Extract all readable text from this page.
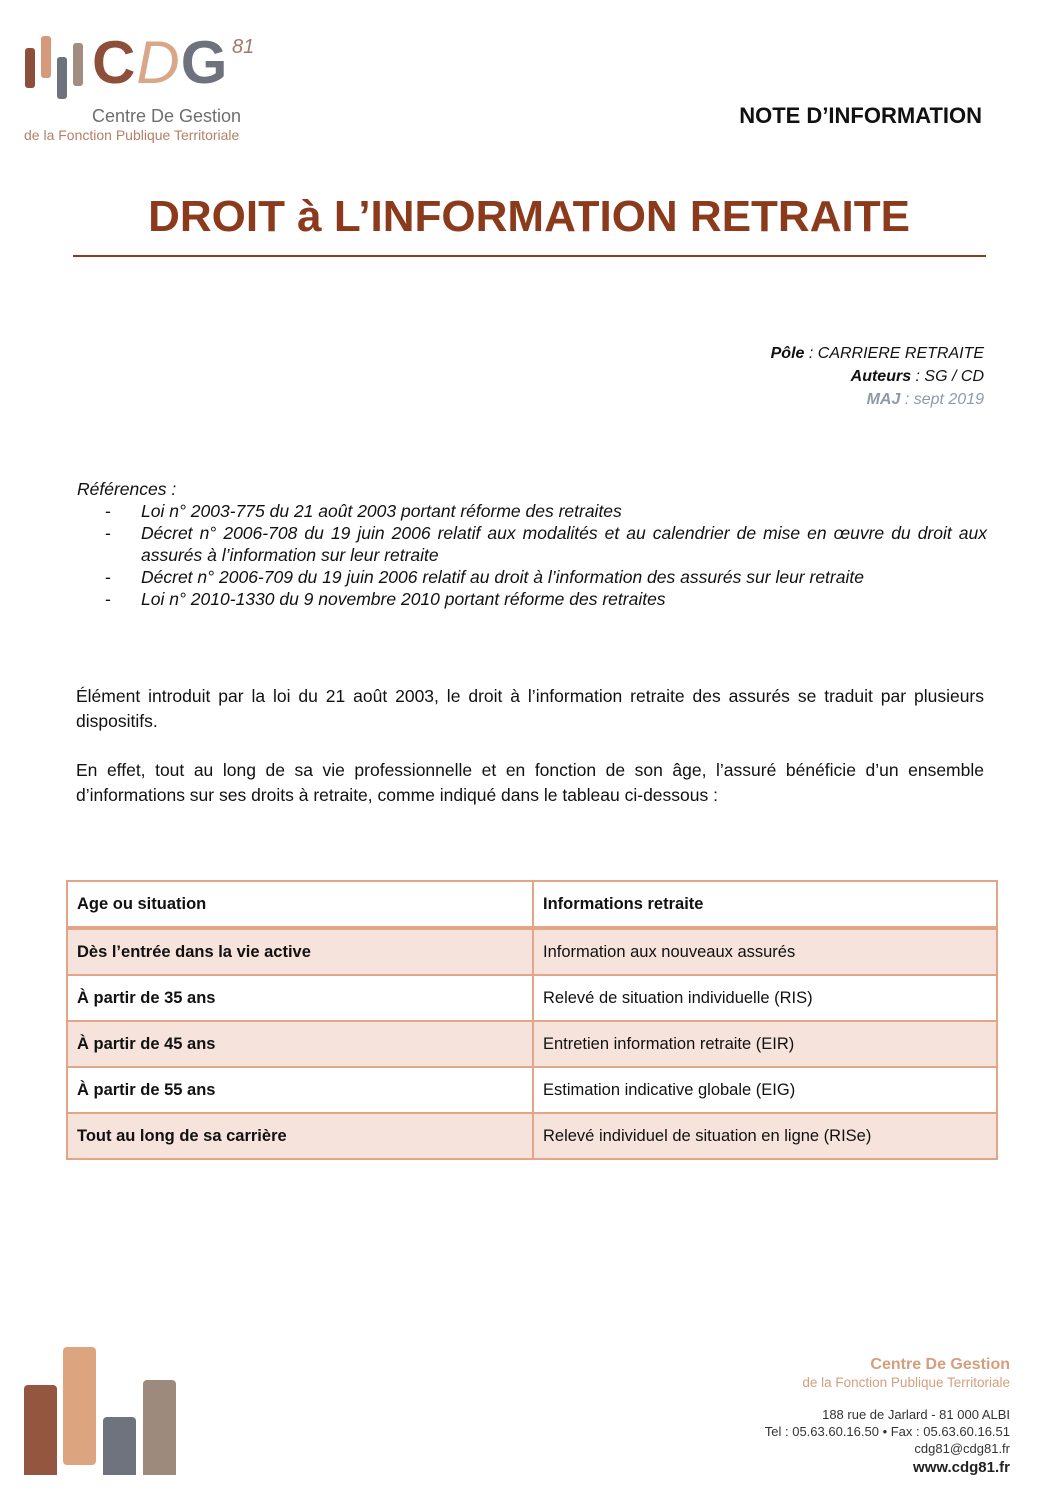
CDG 81
Centre De Gestion
de la Fonction Publique Territoriale
NOTE D’INFORMATION
DROIT à L’INFORMATION RETRAITE
Pôle : CARRIERE RETRAITE
Auteurs : SG / CD
MAJ : sept 2019
Références :
- Loi n° 2003-775 du 21 août 2003 portant réforme des retraites
- Décret n° 2006-708 du 19 juin 2006 relatif aux modalités et au calendrier de mise en œuvre du droit aux assurés à l’information sur leur retraite
- Décret n° 2006-709 du 19 juin 2006 relatif au droit à l’information des assurés sur leur retraite
- Loi n° 2010-1330 du 9 novembre 2010 portant réforme des retraites

Élément introduit par la loi du 21 août 2003, le droit à l’information retraite des assurés se traduit par plusieurs dispositifs.

En effet, tout au long de sa vie professionnelle et en fonction de son âge, l’assuré bénéficie d’un ensemble d’informations sur ses droits à retraite, comme indiqué dans le tableau ci-dessous :

Age ou situation	Informations retraite
Dès l’entrée dans la vie active	Information aux nouveaux assurés
À partir de 35 ans	Relevé de situation individuelle (RIS)
À partir de 45 ans	Entretien information retraite (EIR)
À partir de 55 ans	Estimation indicative globale (EIG)
Tout au long de sa carrière	Relevé individuel de situation en ligne (RISe)
Centre De Gestion
de la Fonction Publique Territoriale
188 rue de Jarlard - 81 000 ALBI
Tel : 05.63.60.16.50 • Fax : 05.63.60.16.51
cdg81@cdg81.fr
www.cdg81.fr
